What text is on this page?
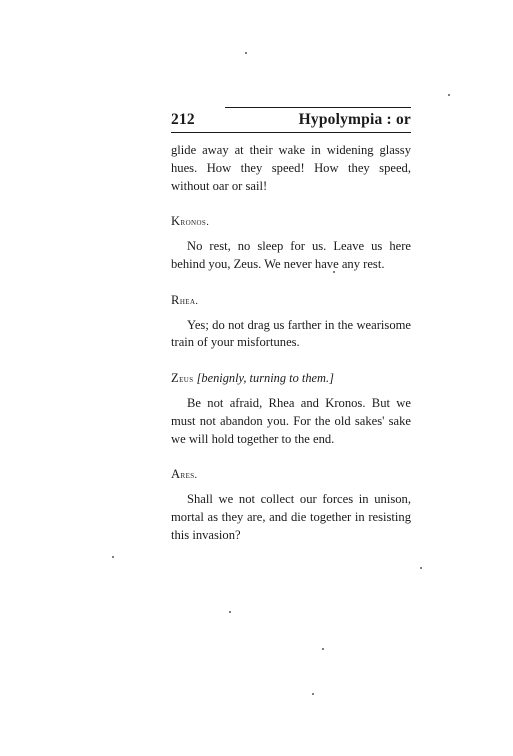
212	Hypolympia : or

glide away at their wake in widening glassy hues. How they speed! How they speed, without oar or sail!

Kronos.

No rest, no sleep for us. Leave us here behind you, Zeus. We never have any rest.

Rhea.

Yes; do not drag us farther in the wearisome train of your misfortunes.

Zeus [benignly, turning to them.]

Be not afraid, Rhea and Kronos. But we must not abandon you. For the old sakes' sake we will hold together to the end.

Ares.

Shall we not collect our forces in unison, mortal as they are, and die together in resisting this invasion?
